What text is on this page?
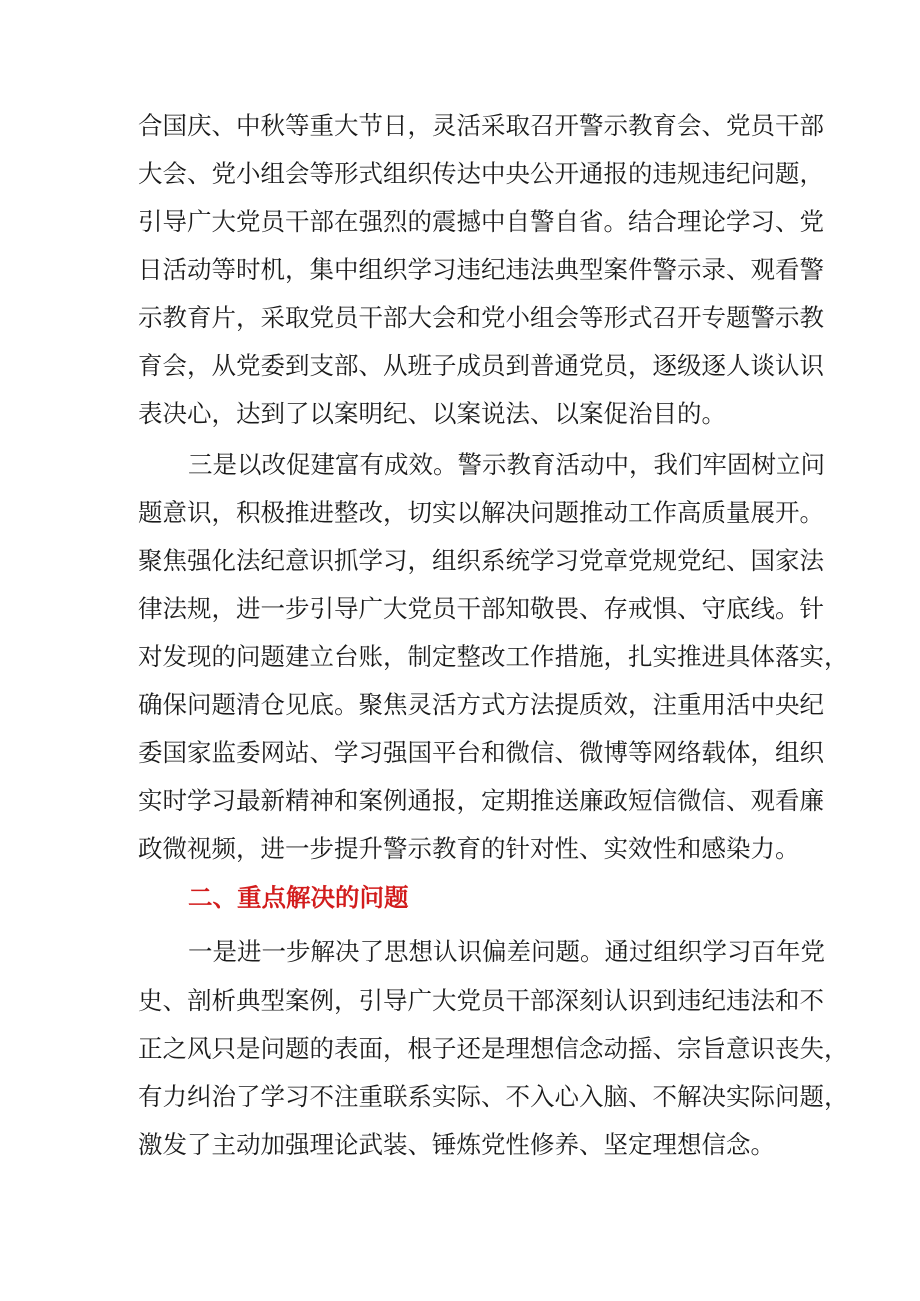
合国庆、中秋等重大节日，灵活采取召开警示教育会、党员干部
大会、党小组会等形式组织传达中央公开通报的违规违纪问题，
引导广大党员干部在强烈的震撼中自警自省。结合理论学习、党
日活动等时机，集中组织学习违纪违法典型案件警示录、观看警
示教育片，采取党员干部大会和党小组会等形式召开专题警示教
育会，从党委到支部、从班子成员到普通党员，逐级逐人谈认识
表决心，达到了以案明纪、以案说法、以案促治目的。
三是以改促建富有成效。警示教育活动中，我们牢固树立问
题意识，积极推进整改，切实以解决问题推动工作高质量展开。
聚焦强化法纪意识抓学习，组织系统学习党章党规党纪、国家法
律法规，进一步引导广大党员干部知敬畏、存戒惧、守底线。针
对发现的问题建立台账，制定整改工作措施，扎实推进具体落实，
确保问题清仓见底。聚焦灵活方式方法提质效，注重用活中央纪
委国家监委网站、学习强国平台和微信、微博等网络载体，组织
实时学习最新精神和案例通报，定期推送廉政短信微信、观看廉
政微视频，进一步提升警示教育的针对性、实效性和感染力。
二、重点解决的问题
一是进一步解决了思想认识偏差问题。通过组织学习百年党
史、剖析典型案例，引导广大党员干部深刻认识到违纪违法和不
正之风只是问题的表面，根子还是理想信念动摇、宗旨意识丧失，
有力纠治了学习不注重联系实际、不入心入脑、不解决实际问题，
激发了主动加强理论武装、锤炼党性修养、坚定理想信念。
